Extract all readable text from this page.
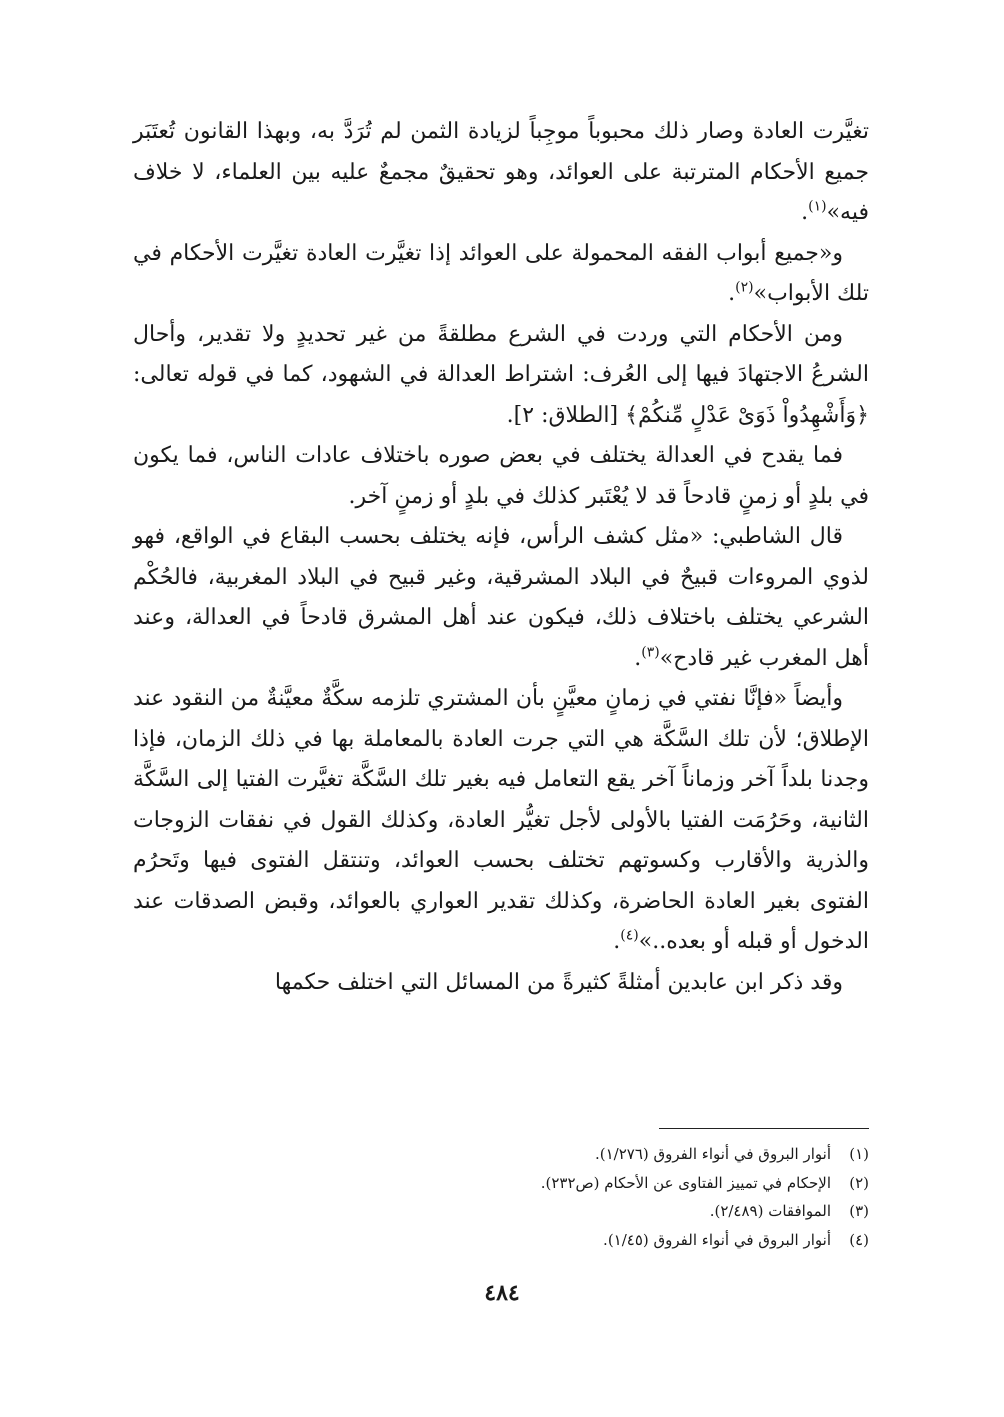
تغيَّرت العادة وصار ذلك محبوباً موجِباً لزيادة الثمن لم تُرَدَّ به، وبهذا القانون تُعتَبَر جميع الأحكام المترتبة على العوائد، وهو تحقيقٌ مجمعٌ عليه بين العلماء، لا خلاف فيه»$^{(١)}$.

و«جميع أبواب الفقه المحمولة على العوائد إذا تغيَّرت العادة تغيَّرت الأحكام في تلك الأبواب»$^{(٢)}$.

ومن الأحكام التي وردت في الشرع مطلقةً من غير تحديدٍ ولا تقدير، وأحال الشرعُ الاجتهادَ فيها إلى العُرف: اشتراط العدالة في الشهود، كما في قوله تعالى: ﴿وَأَشْهِدُواْ ذَوَىْ عَدْلٍ مِّنكُمْ﴾ [الطلاق: ٢].

فما يقدح في العدالة يختلف في بعض صوره باختلاف عادات الناس، فما يكون في بلدٍ أو زمنٍ قادحاً قد لا يُعْتَبر كذلك في بلدٍ أو زمنٍ آخر.

قال الشاطبي: «مثل كشف الرأس، فإنه يختلف بحسب البقاع في الواقع، فهو لذوي المروءات قبيحٌ في البلاد المشرقية، وغير قبيح في البلاد المغربية، فالحُكْم الشرعي يختلف باختلاف ذلك، فيكون عند أهل المشرق قادحاً في العدالة، وعند أهل المغرب غير قادح»$^{(٣)}$.

وأيضاً «فإنَّا نفتي في زمانٍ معيَّنٍ بأن المشتري تلزمه سكَّةٌ معيَّنةٌ من النقود عند الإطلاق؛ لأن تلك السَّكَّة هي التي جرت العادة بالمعاملة بها في ذلك الزمان، فإذا وجدنا بلداً آخر وزماناً آخر يقع التعامل فيه بغير تلك السَّكَّة تغيَّرت الفتيا إلى السَّكَّة الثانية، وحَرُمَت الفتيا بالأولى لأجل تغيُّر العادة، وكذلك القول في نفقات الزوجات والذرية والأقارب وكسوتهم تختلف بحسب العوائد، وتنتقل الفتوى فيها وتَحرُم الفتوى بغير العادة الحاضرة، وكذلك تقدير العواري بالعوائد، وقبض الصدقات عند الدخول أو قبله أو بعده..»$^{(٤)}$.

وقد ذكر ابن عابدين أمثلةً كثيرةً من المسائل التي اختلف حكمها

(١)
أنوار البروق في أنواء الفروق (١/٢٧٦).
(٢)
الإحكام في تمييز الفتاوى عن الأحكام (ص٢٣٢).
(٣)
الموافقات (٢/٤٨٩).
(٤)
أنوار البروق في أنواء الفروق (١/٤٥).
٤٨٤
